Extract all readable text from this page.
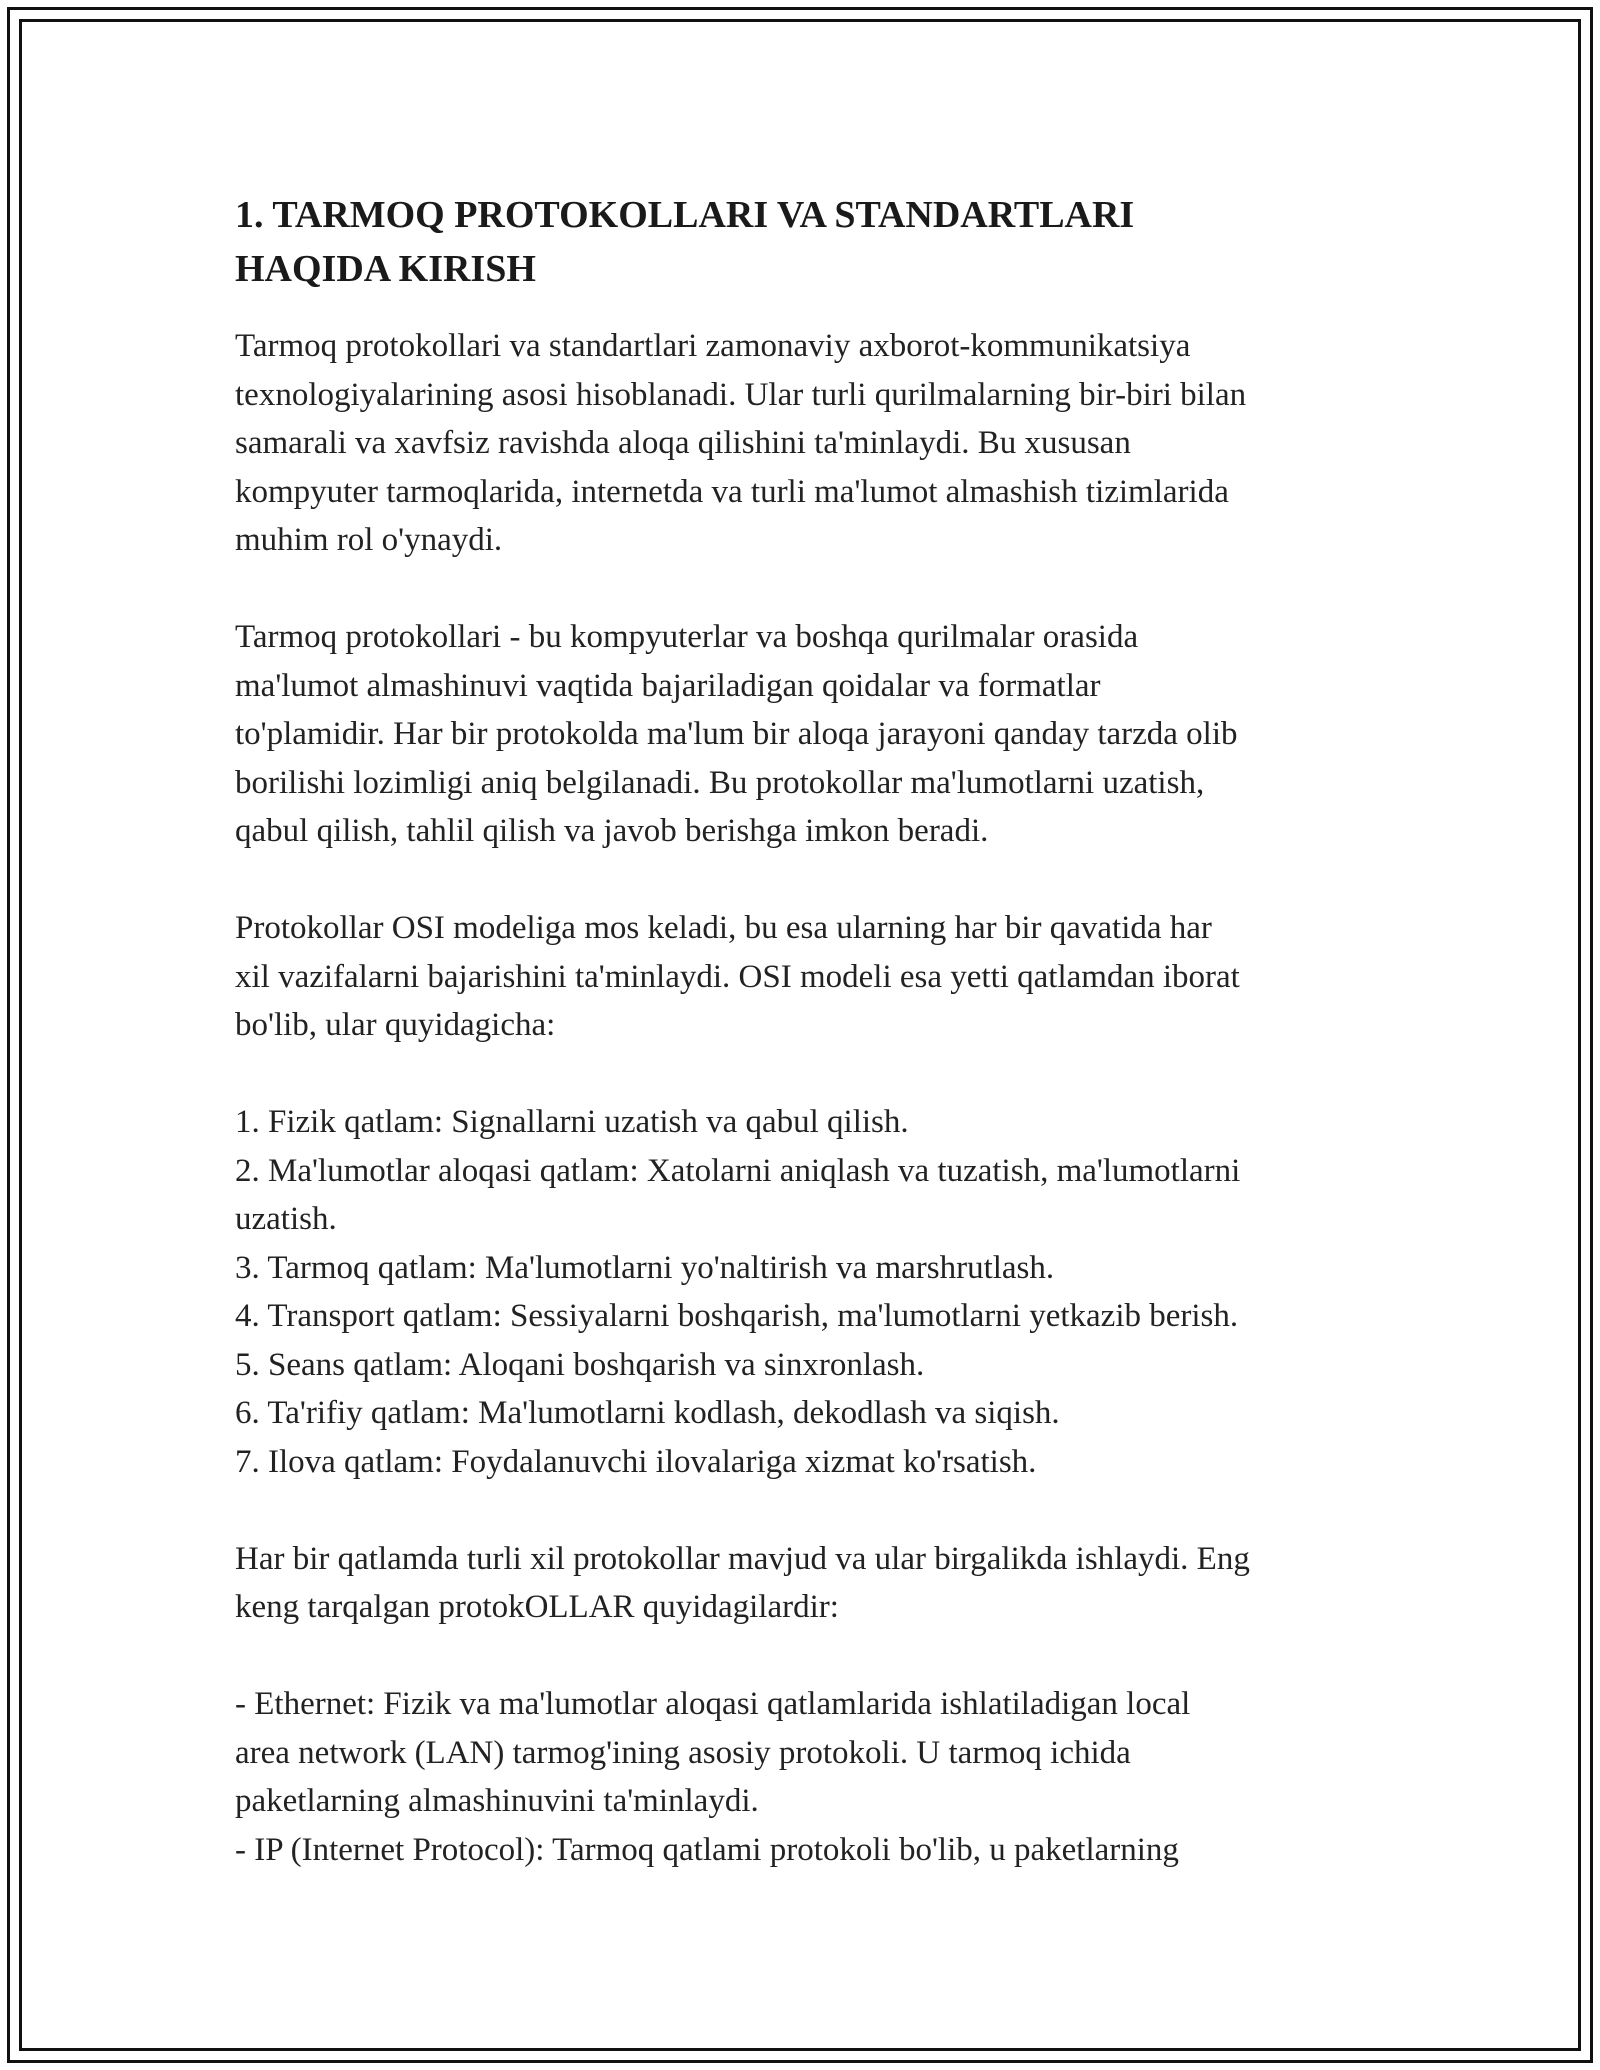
1. TARMOQ PROTOKOLLARI VA STANDARTLARI
HAQIDA KIRISH

Tarmoq protokollari va standartlari zamonaviy axborot-kommunikatsiya

texnologiyalarining asosi hisoblanadi. Ular turli qurilmalarning bir-biri bilan

samarali va xavfsiz ravishda aloqa qilishini ta'minlaydi. Bu xususan

kompyuter tarmoqlarida, internetda va turli ma'lumot almashish tizimlarida

muhim rol o'ynaydi.

Tarmoq protokollari - bu kompyuterlar va boshqa qurilmalar orasida

ma'lumot almashinuvi vaqtida bajariladigan qoidalar va formatlar

to'plamidir. Har bir protokolda ma'lum bir aloqa jarayoni qanday tarzda olib

borilishi lozimligi aniq belgilanadi. Bu protokollar ma'lumotlarni uzatish,

qabul qilish, tahlil qilish va javob berishga imkon beradi.

Protokollar OSI modeliga mos keladi, bu esa ularning har bir qavatida har

xil vazifalarni bajarishini ta'minlaydi. OSI modeli esa yetti qatlamdan iborat

bo'lib, ular quyidagicha:

1. Fizik qatlam: Signallarni uzatish va qabul qilish.

2. Ma'lumotlar aloqasi qatlam: Xatolarni aniqlash va tuzatish, ma'lumotlarni

uzatish.

3. Tarmoq qatlam: Ma'lumotlarni yo'naltirish va marshrutlash.

4. Transport qatlam: Sessiyalarni boshqarish, ma'lumotlarni yetkazib berish.

5. Seans qatlam: Aloqani boshqarish va sinxronlash.

6. Ta'rifiy qatlam: Ma'lumotlarni kodlash, dekodlash va siqish.

7. Ilova qatlam: Foydalanuvchi ilovalariga xizmat ko'rsatish.

Har bir qatlamda turli xil protokollar mavjud va ular birgalikda ishlaydi. Eng

keng tarqalgan protokOLLAR quyidagilardir:

- Ethernet: Fizik va ma'lumotlar aloqasi qatlamlarida ishlatiladigan local

area network (LAN) tarmog'ining asosiy protokoli. U tarmoq ichida

paketlarning almashinuvini ta'minlaydi.

- IP (Internet Protocol): Tarmoq qatlami protokoli bo'lib, u paketlarning
